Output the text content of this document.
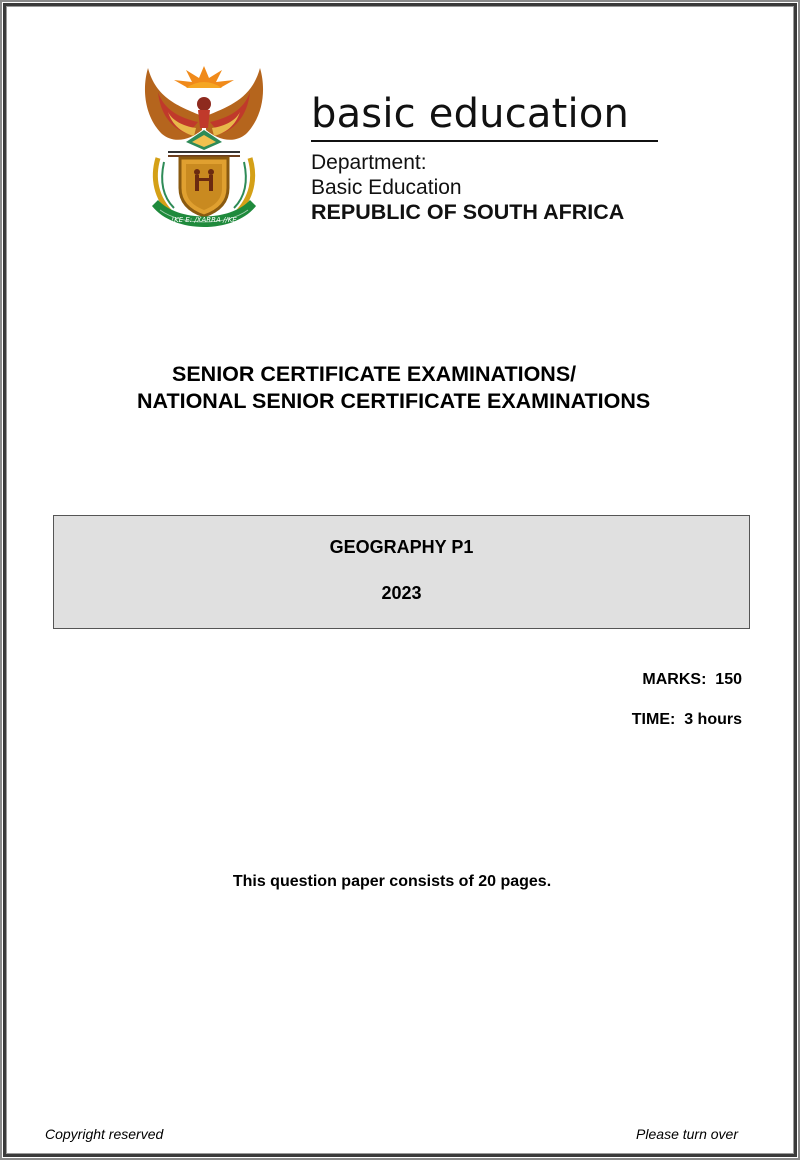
!KE E: /XARRA //KE
basic education
Department:
Basic Education
REPUBLIC OF SOUTH AFRICA
SENIOR CERTIFICATE EXAMINATIONS/
NATIONAL SENIOR CERTIFICATE EXAMINATIONS
GEOGRAPHY P1
2023
MARKS:  150
TIME:  3 hours
This question paper consists of 20 pages.
Copyright reserved	Please turn over
